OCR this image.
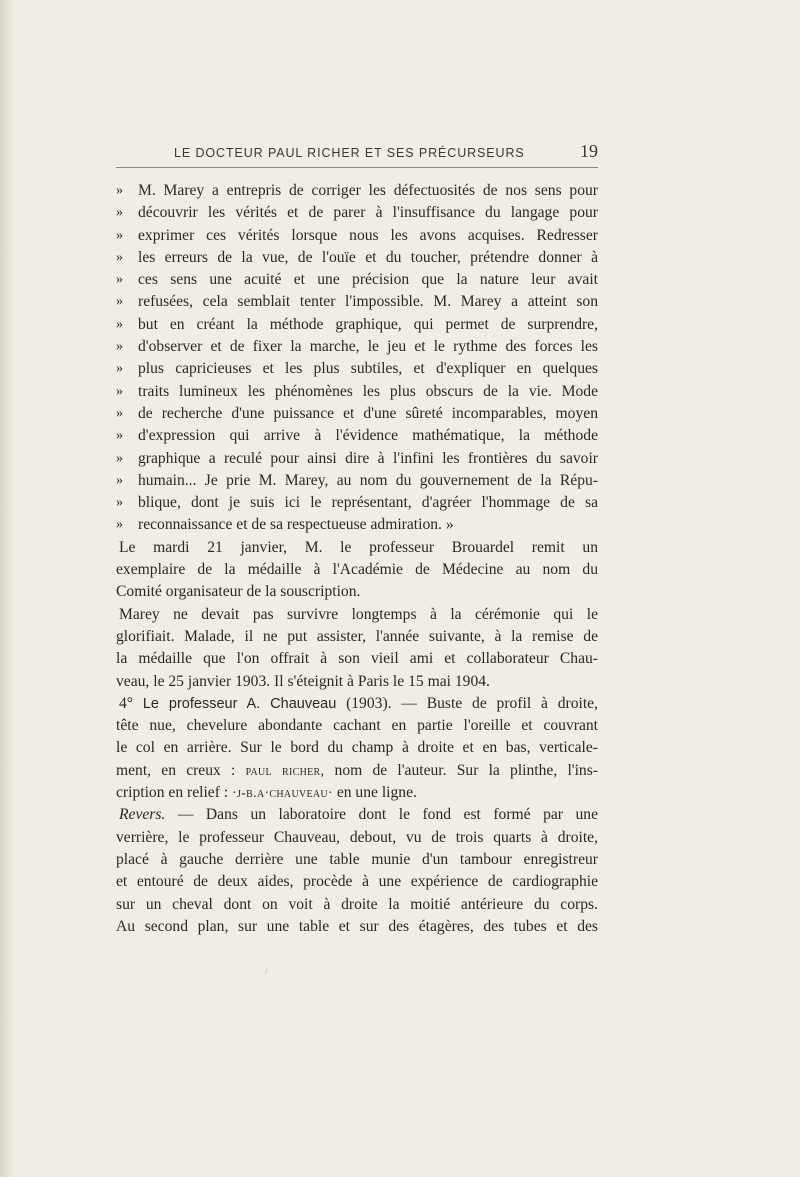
LE DOCTEUR PAUL RICHER ET SES PRÉCURSEURS	19
» M. Marey a entrepris de corriger les défectuosités de nos sens pour
» découvrir les vérités et de parer à l'insuffisance du langage pour
» exprimer ces vérités lorsque nous les avons acquises. Redresser
» les erreurs de la vue, de l'ouïe et du toucher, prétendre donner à
» ces sens une acuité et une précision que la nature leur avait
» refusées, cela semblait tenter l'impossible. M. Marey a atteint son
» but en créant la méthode graphique, qui permet de surprendre,
» d'observer et de fixer la marche, le jeu et le rythme des forces les
» plus capricieuses et les plus subtiles, et d'expliquer en quelques
» traits lumineux les phénomènes les plus obscurs de la vie. Mode
» de recherche d'une puissance et d'une sûreté incomparables, moyen
» d'expression qui arrive à l'évidence mathématique, la méthode
» graphique a reculé pour ainsi dire à l'infini les frontières du savoir
» humain... Je prie M. Marey, au nom du gouvernement de la Répu-
» blique, dont je suis ici le représentant, d'agréer l'hommage de sa
» reconnaissance et de sa respectueuse admiration. »
Le mardi 21 janvier, M. le professeur Brouardel remit un
exemplaire de la médaille à l'Académie de Médecine au nom du
Comité organisateur de la souscription.
Marey ne devait pas survivre longtemps à la cérémonie qui le
glorifiait. Malade, il ne put assister, l'année suivante, à la remise de
la médaille que l'on offrait à son vieil ami et collaborateur Chau-
veau, le 25 janvier 1903. Il s'éteignit à Paris le 15 mai 1904.
4° Le professeur A. Chauveau (1903). — Buste de profil à droite,
tête nue, chevelure abondante cachant en partie l'oreille et couvrant
le col en arrière. Sur le bord du champ à droite et en bas, verticale-
ment, en creux : paul richer, nom de l'auteur. Sur la plinthe, l'ins-
cription en relief : ·j-b.a·chauveau· en une ligne.
Revers. — Dans un laboratoire dont le fond est formé par une
verrière, le professeur Chauveau, debout, vu de trois quarts à droite,
placé à gauche derrière une table munie d'un tambour enregistreur
et entouré de deux aides, procède à une expérience de cardiographie
sur un cheval dont on voit à droite la moitié antérieure du corps.
Au second plan, sur une table et sur des étagères, des tubes et des
/
